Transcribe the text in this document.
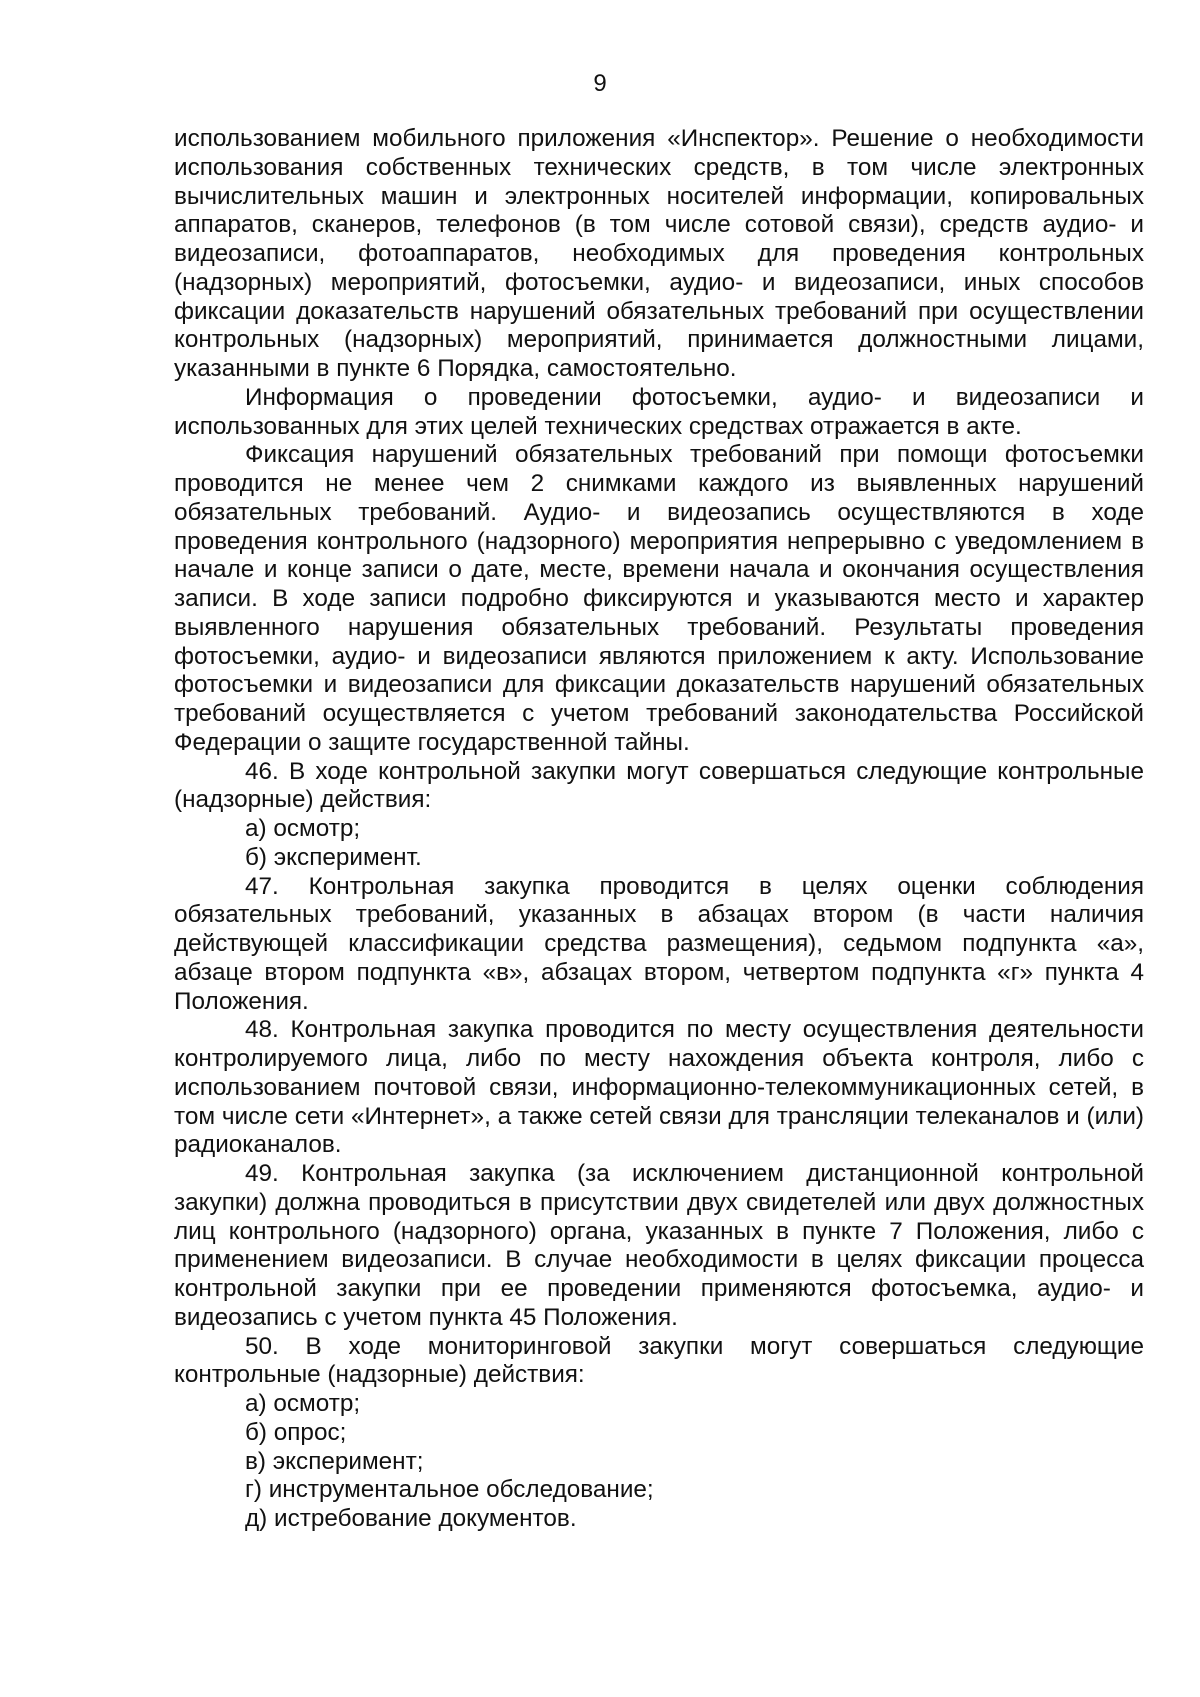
9

использованием мобильного приложения «Инспектор». Решение о необходимости использования собственных технических средств, в том числе электронных вычислительных машин и электронных носителей информации, копировальных аппаратов, сканеров, телефонов (в том числе сотовой связи), средств аудио- и видеозаписи, фотоаппаратов, необходимых для проведения контрольных (надзорных) мероприятий, фотосъемки, аудио- и видеозаписи, иных способов фиксации доказательств нарушений обязательных требований при осуществлении контрольных (надзорных) мероприятий, принимается должностными лицами, указанными в пункте 6 Порядка, самостоятельно.

Информация о проведении фотосъемки, аудио- и видеозаписи и использованных для этих целей технических средствах отражается в акте.

Фиксация нарушений обязательных требований при помощи фотосъемки проводится не менее чем 2 снимками каждого из выявленных нарушений обязательных требований. Аудио- и видеозапись осуществляются в ходе проведения контрольного (надзорного) мероприятия непрерывно с уведомлением в начале и конце записи о дате, месте, времени начала и окончания осуществления записи. В ходе записи подробно фиксируются и указываются место и характер выявленного нарушения обязательных требований. Результаты проведения фотосъемки, аудио- и видеозаписи являются приложением к акту. Использование фотосъемки и видеозаписи для фиксации доказательств нарушений обязательных требований осуществляется с учетом требований законодательства Российской Федерации о защите государственной тайны.

46. В ходе контрольной закупки могут совершаться следующие контрольные (надзорные) действия:

а) осмотр;

б) эксперимент.

47. Контрольная закупка проводится в целях оценки соблюдения обязательных требований, указанных в абзацах втором (в части наличия действующей классификации средства размещения), седьмом подпункта «а», абзаце втором подпункта «в», абзацах втором, четвертом подпункта «г» пункта 4 Положения.

48. Контрольная закупка проводится по месту осуществления деятельности контролируемого лица, либо по месту нахождения объекта контроля, либо с использованием почтовой связи, информационно-телекоммуникационных сетей, в том числе сети «Интернет», а также сетей связи для трансляции телеканалов и (или) радиоканалов.

49. Контрольная закупка (за исключением дистанционной контрольной закупки) должна проводиться в присутствии двух свидетелей или двух должностных лиц контрольного (надзорного) органа, указанных в пункте 7 Положения, либо с применением видеозаписи. В случае необходимости в целях фиксации процесса контрольной закупки при ее проведении применяются фотосъемка, аудио- и видеозапись с учетом пункта 45 Положения.

50. В ходе мониторинговой закупки могут совершаться следующие контрольные (надзорные) действия:

а) осмотр;

б) опрос;

в) эксперимент;

г) инструментальное обследование;

д) истребование документов.
